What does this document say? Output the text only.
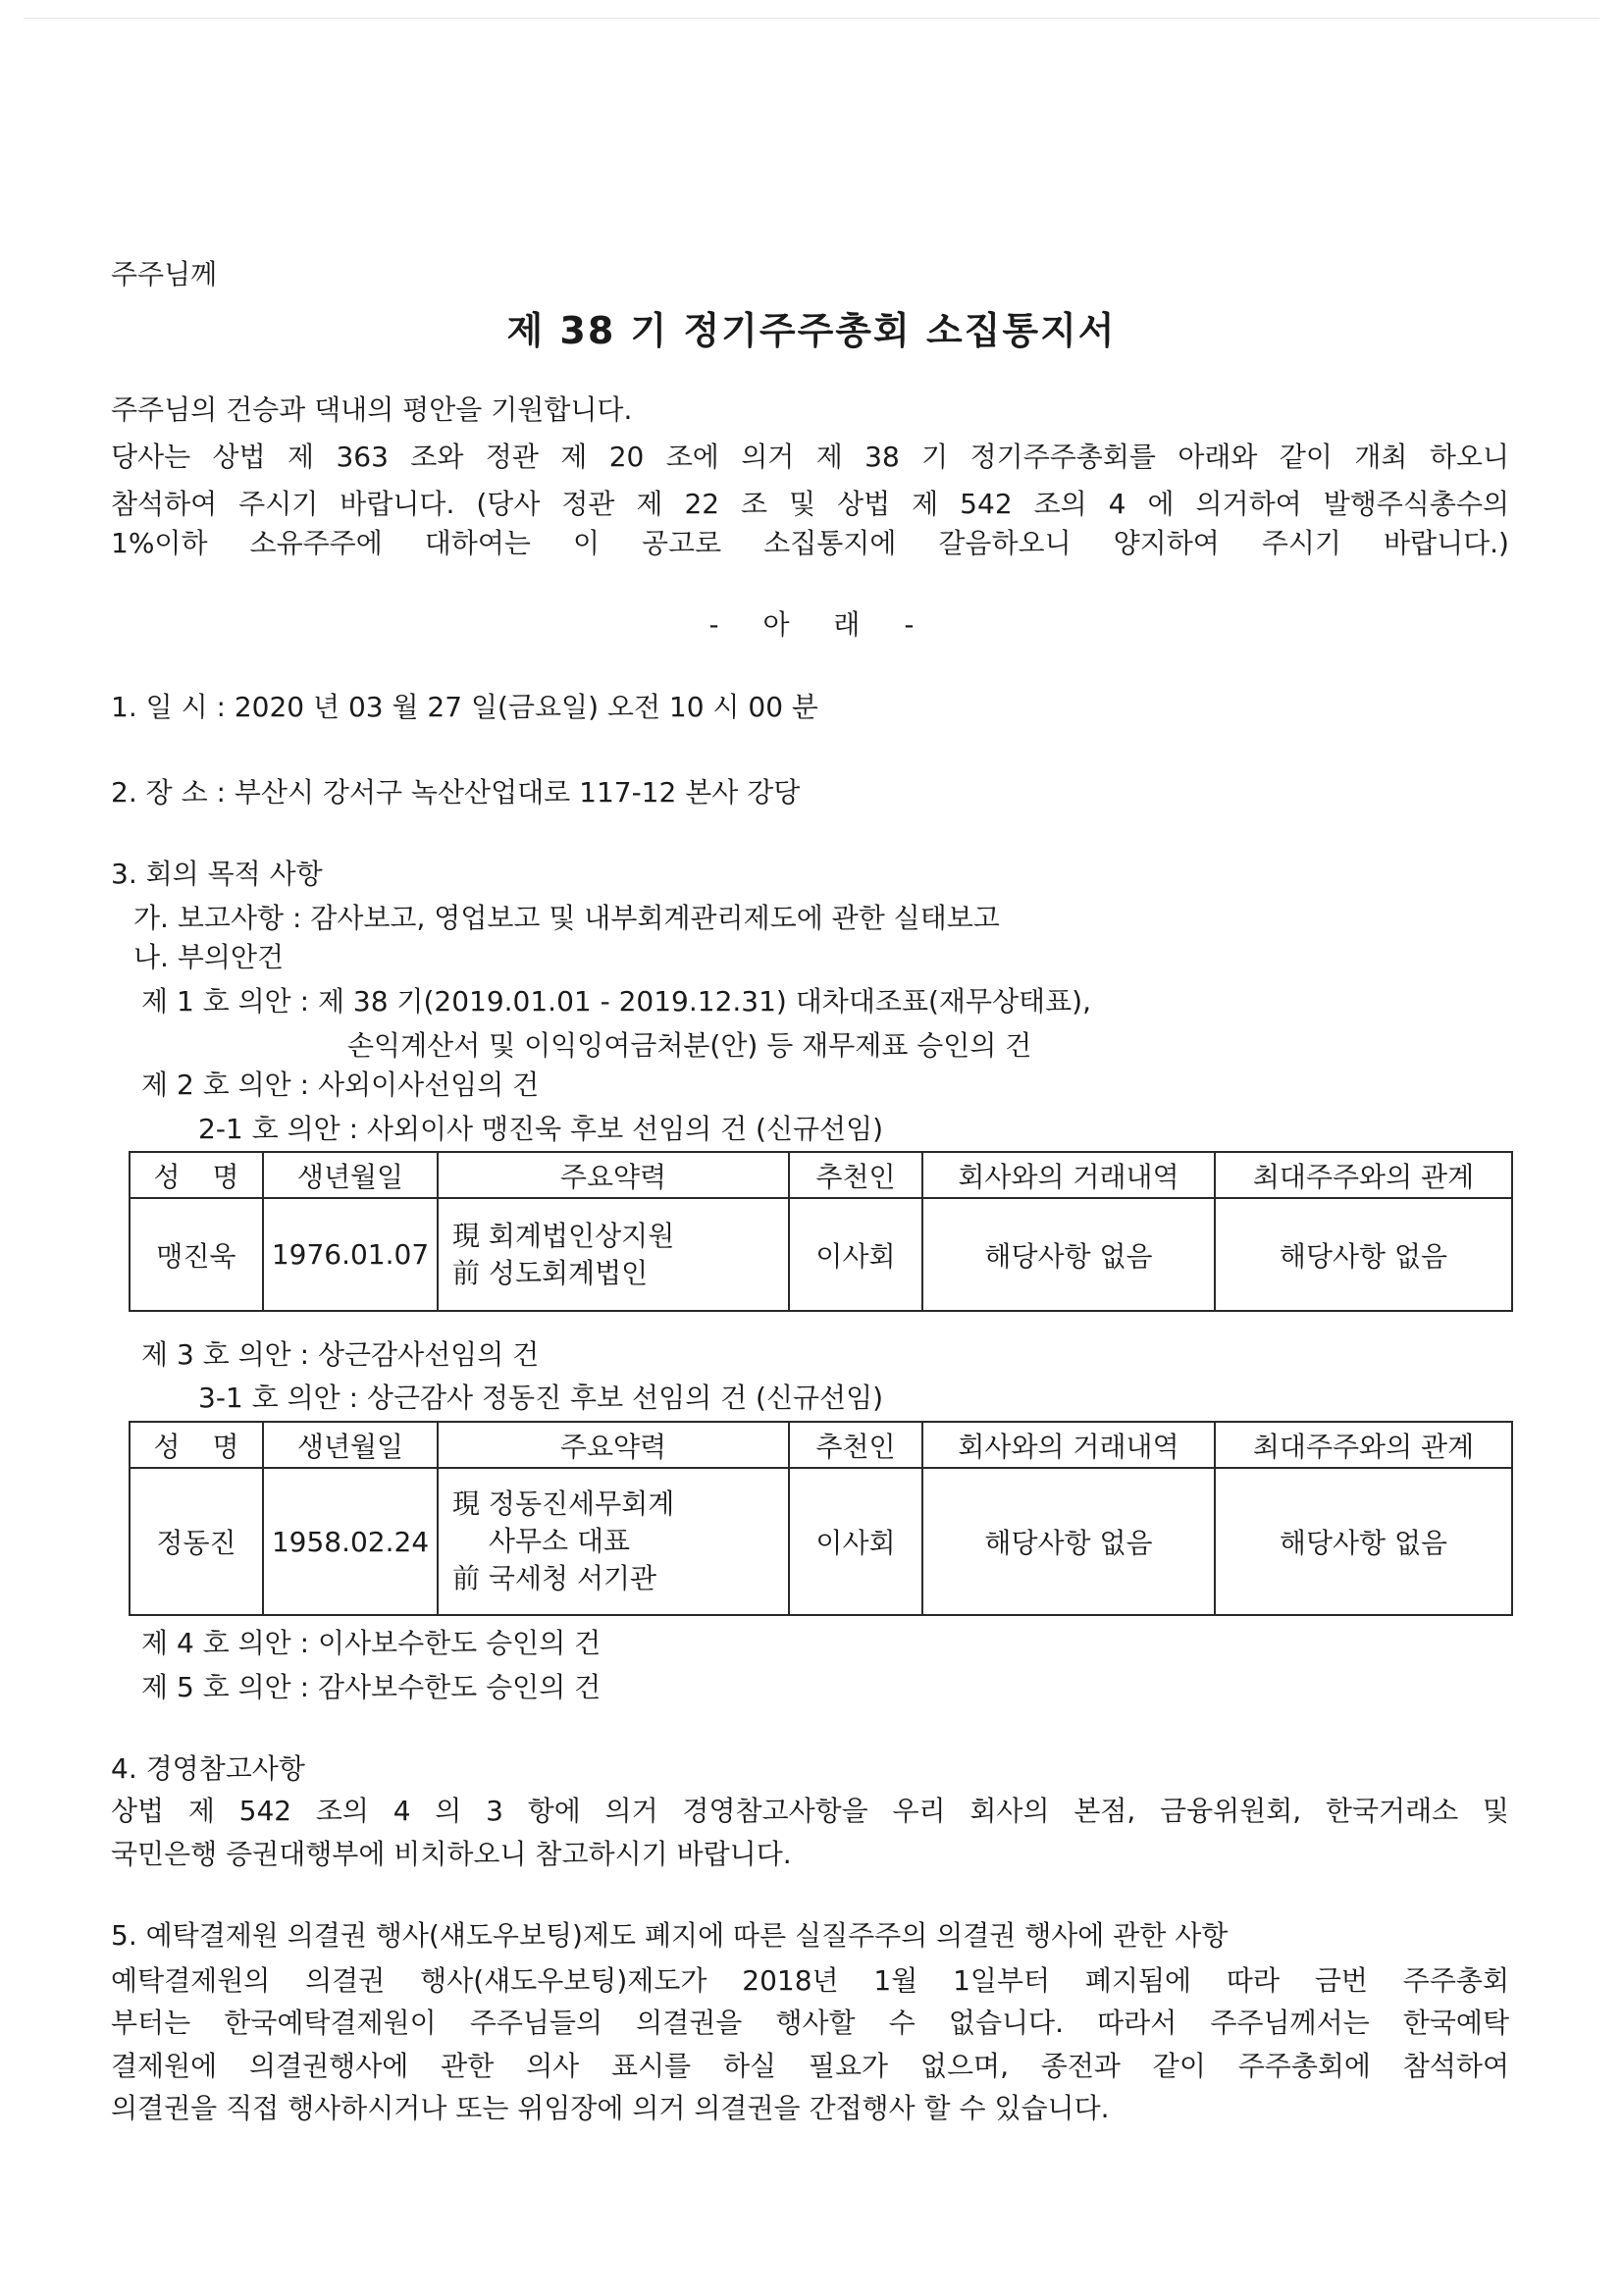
주주님께
제 38 기 정기주주총회 소집통지서
주주님의 건승과 댁내의 평안을 기원합니다.
당사는 상법 제 363 조와 정관 제 20 조에 의거 제 38 기 정기주주총회를 아래와 같이 개최 하오니
참석하여 주시기 바랍니다. (당사 정관 제 22 조 및 상법 제 542 조의 4 에 의거하여 발행주식총수의
1%이하 소유주주에 대하여는 이 공고로 소집통지에 갈음하오니 양지하여 주시기 바랍니다.)
- 아 래 -
1. 일 시 : 2020 년 03 월 27 일(금요일) 오전 10 시 00 분
2. 장 소 : 부산시 강서구 녹산산업대로 117-12 본사 강당
3. 회의 목적 사항
가. 보고사항 : 감사보고, 영업보고 및 내부회계관리제도에 관한 실태보고
나. 부의안건
제 1 호 의안 : 제 38 기(2019.01.01 - 2019.12.31) 대차대조표(재무상태표),
손익계산서 및 이익잉여금처분(안) 등 재무제표 승인의 건
제 2 호 의안 : 사외이사선임의 건
2-1 호 의안 : 사외이사 맹진욱 후보 선임의 건 (신규선임)
성 명	생년월일	주요약력	추천인	회사와의 거래내역	최대주주와의 관계
맹진욱	1976.01.07	現 회계법인상지원
前 성도회계법인	이사회	해당사항 없음	해당사항 없음
제 3 호 의안 : 상근감사선임의 건
3-1 호 의안 : 상근감사 정동진 후보 선임의 건 (신규선임)
성 명	생년월일	주요약력	추천인	회사와의 거래내역	최대주주와의 관계
정동진	1958.02.24	現 정동진세무회계
　 사무소 대표
前 국세청 서기관	이사회	해당사항 없음	해당사항 없음
제 4 호 의안 : 이사보수한도 승인의 건
제 5 호 의안 : 감사보수한도 승인의 건
4. 경영참고사항
상법 제 542 조의 4 의 3 항에 의거 경영참고사항을 우리 회사의 본점, 금융위원회, 한국거래소 및
국민은행 증권대행부에 비치하오니 참고하시기 바랍니다.
5. 예탁결제원 의결권 행사(섀도우보팅)제도 폐지에 따른 실질주주의 의결권 행사에 관한 사항
예탁결제원의 의결권 행사(섀도우보팅)제도가 2018년 1월 1일부터 폐지됨에 따라 금번 주주총회
부터는 한국예탁결제원이 주주님들의 의결권을 행사할 수 없습니다. 따라서 주주님께서는 한국예탁
결제원에 의결권행사에 관한 의사 표시를 하실 필요가 없으며, 종전과 같이 주주총회에 참석하여
의결권을 직접 행사하시거나 또는 위임장에 의거 의결권을 간접행사 할 수 있습니다.
